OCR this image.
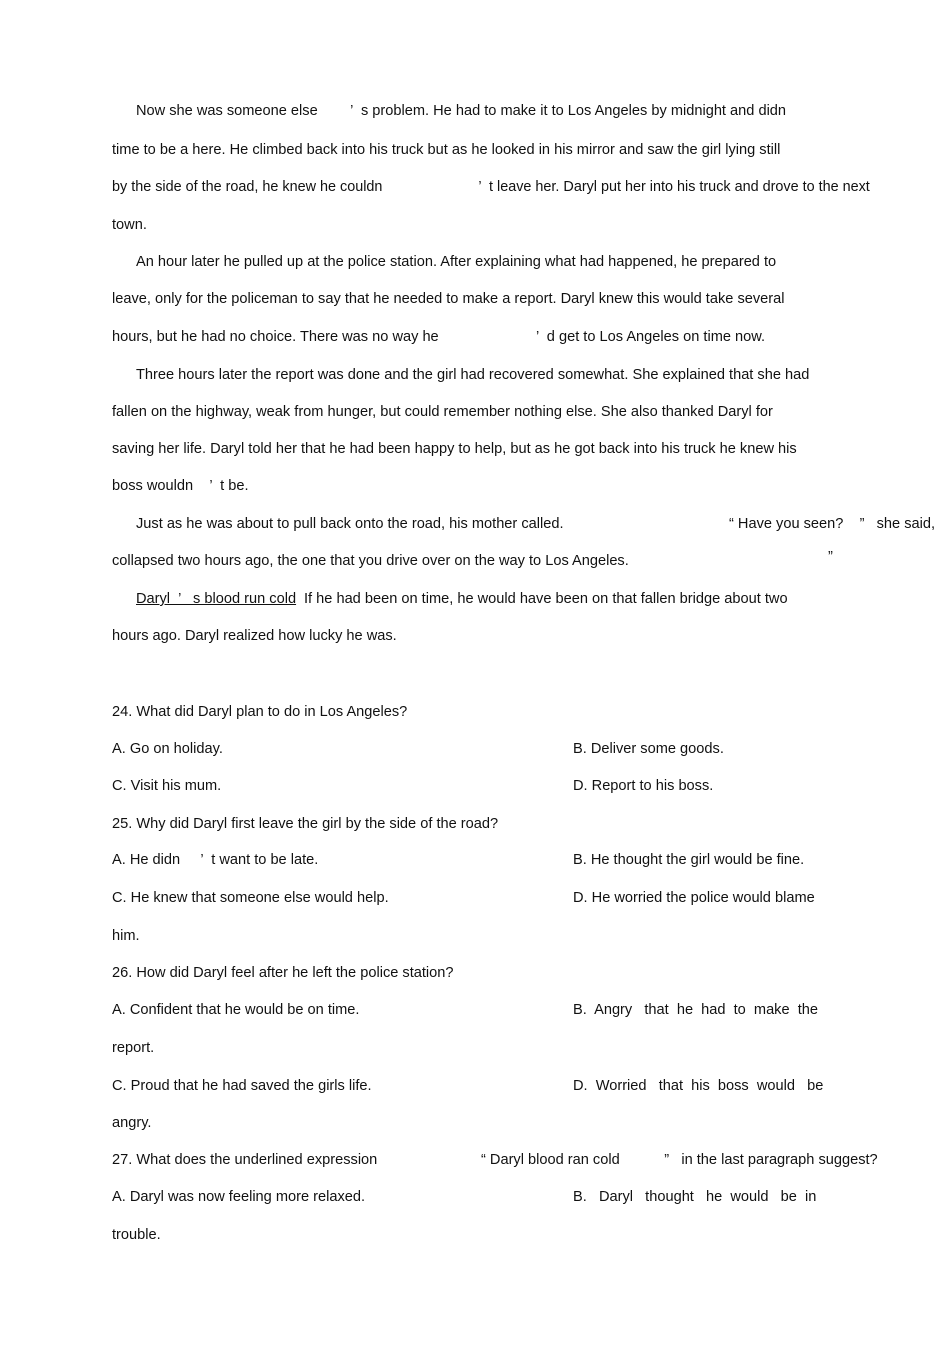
Now she was someone else        ’  s problem. He had to make it to Los Angeles by midnight and didn
time to be a here. He climbed back into his truck but as he looked in his mirror and saw the girl lying still
by the side of the road, he knew he couldn                        ’  t leave her. Daryl put her into his truck and drove to the next
town.
An hour later he pulled up at the police station. After explaining what had happened, he prepared to
leave, only for the policeman to say that he needed to make a report. Daryl knew this would take several
hours, but he had no choice. There was no way he                        ’  d get to Los Angeles on time now.
Three hours later the report was done and the girl had recovered somewhat. She explained that she had
fallen on the highway, weak from hunger, but could remember nothing else. She also thanked Daryl for
saving her life. Daryl told her that he had been happy to help, but as he got back into his truck he knew his
boss wouldn    ’  t be.
Just as he was about to pull back onto the road, his mother called.	“ Have you seen?    ”   she said,
collapsed two hours ago, the one that you drive over on the way to Los Angeles.	”
Daryl  ’   s blood run cold If he had been on time, he would have been on that fallen bridge about two
hours ago. Daryl realized how lucky he was.
24. What did Daryl plan to do in Los Angeles?
A. Go on holiday.	B. Deliver some goods.
C. Visit his mum.	D. Report to his boss.
25. Why did Daryl first leave the girl by the side of the road?
A. He didn     ’  t want to be late.	B. He thought the girl would be fine.
C. He knew that someone else would help.	D. He worried the police would blame
him.
26. How did Daryl feel after he left the police station?
A. Confident that he would be on time.	B.  Angry   that  he  had  to  make  the
report.
C. Proud that he had saved the girls life.	D.  Worried   that  his  boss  would   be
angry.
27. What does the underlined expression	“ Daryl blood ran cold           ”   in the last paragraph suggest?
A. Daryl was now feeling more relaxed.	B.   Daryl   thought   he  would   be  in
trouble.
